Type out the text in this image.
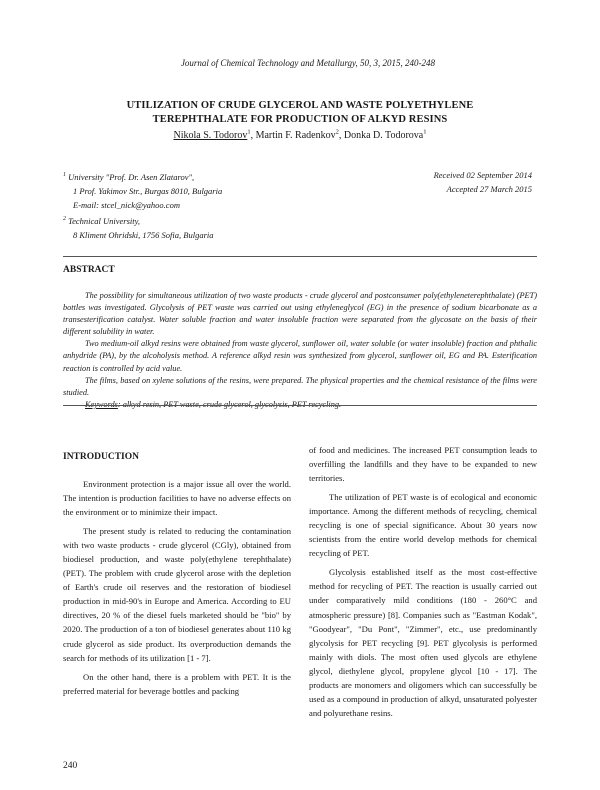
Journal of Chemical Technology and Metallurgy, 50, 3, 2015, 240-248
UTILIZATION OF CRUDE GLYCEROL AND WASTE POLYETHYLENE
TEREPHTHALATE FOR PRODUCTION OF ALKYD RESINS
Nikola S. Todorov$^1$, Martin F. Radenkov$^2$, Donka D. Todorova$^1$
$^1$ University "Prof. Dr. Asen Zlatarov",
1 Prof. Yakimov Str., Burgas 8010, Bulgaria
E-mail: stcel_nick@yahoo.com
$^2$ Technical University,
8 Kliment Ohridski, 1756 Sofia, Bulgaria
Received 02 September 2014
Accepted 27 March 2015
ABSTRACT

The possibility for simultaneous utilization of two waste products - crude glycerol and postconsumer poly(ethyleneterephthalate) (PET) bottles was investigated. Glycolysis of PET waste was carried out using ethyleneglycol (EG) in the presence of sodium bicarbonate as a transesterification catalyst. Water soluble fraction and water insoluble fraction were separated from the glycosate on the basis of their different solubility in water.

Two medium-oil alkyd resins were obtained from waste glycerol, sunflower oil, water soluble (or water insoluble) fraction and phthalic anhydride (PA), by the alcoholysis method. A reference alkyd resin was synthesized from glycerol, sunflower oil, EG and PA. Esterification reaction is controlled by acid value.

The films, based on xylene solutions of the resins, were prepared. The physical properties and the chemical resistance of the films were studied.

Keywords: alkyd resin, PET waste, crude glycerol, glycolysis, PET recycling.

INTRODUCTION

Environment protection is a major issue all over the world. The intention is production facilities to have no adverse effects on the environment or to minimize their impact.

The present study is related to reducing the contamination with two waste products - crude glycerol (CGly), obtained from biodiesel production, and waste poly(ethylene terephthalate) (PET). The problem with crude glycerol arose with the depletion of Earth's crude oil reserves and the restoration of biodiesel production in mid-90's in Europe and America. According to EU directives, 20 % of the diesel fuels marketed should be "bio" by 2020. The production of a ton of biodiesel generates about 110 kg crude glycerol as side product. Its overproduction demands the search for methods of its utilization [1 - 7].

On the other hand, there is a problem with PET. It is the preferred material for beverage bottles and packing

of food and medicines. The increased PET consumption leads to overfilling the landfills and they have to be expanded to new territories.

The utilization of PET waste is of ecological and economic importance. Among the different methods of recycling, chemical recycling is one of special significance. About 30 years now scientists from the entire world develop methods for chemical recycling of PET.

Glycolysis established itself as the most cost-effective method for recycling of PET. The reaction is usually carried out under comparatively mild conditions (180 - 260°C and atmospheric pressure) [8]. Companies such as "Eastman Kodak", "Goodyear", "Du Pont", "Zimmer", etc., use predominantly glycolysis for PET recycling [9]. PET glycolysis is performed mainly with diols. The most often used glycols are ethylene glycol, diethylene glycol, propylene glycol [10 - 17]. The products are monomers and oligomers which can successfully be used as a compound in production of alkyd, unsaturated polyester and polyurethane resins.

240
